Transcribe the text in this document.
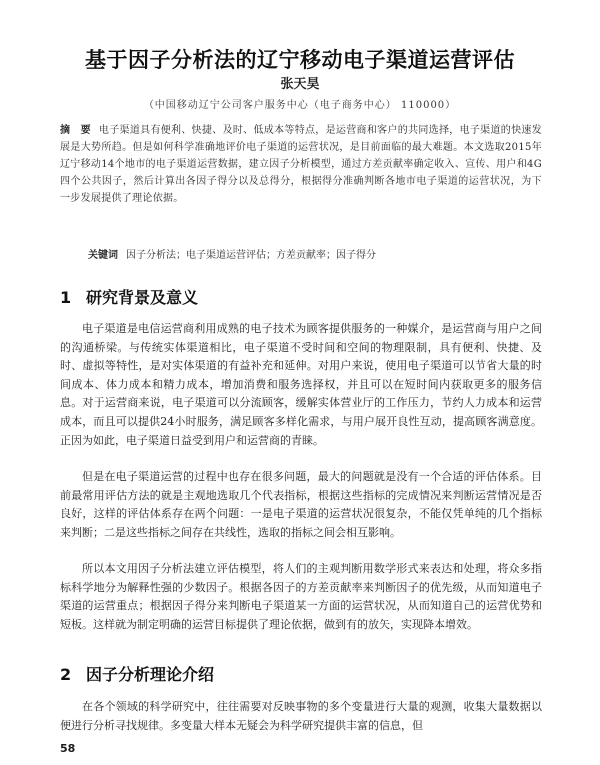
基于因子分析法的辽宁移动电子渠道运营评估
张天昊
（中国移动辽宁公司客户服务中心（电子商务中心） 110000）
摘　要 电子渠道具有便利、快捷、及时、低成本等特点，是运营商和客户的共同选择，电子渠道的快速发展是大势所趋。但是如何科学准确地评价电子渠道的运营状况，是目前面临的最大难题。本文选取2015年辽宁移动14个地市的电子渠道运营数据，建立因子分析模型，通过方差贡献率确定收入、宣传、用户和4G四个公共因子，然后计算出各因子得分以及总得分，根据得分准确判断各地市电子渠道的运营状况，为下一步发展提供了理论依据。
关键词 因子分析法；电子渠道运营评估；方差贡献率；因子得分
1 研究背景及意义

电子渠道是电信运营商利用成熟的电子技术为顾客提供服务的一种媒介，是运营商与用户之间的沟通桥梁。与传统实体渠道相比，电子渠道不受时间和空间的物理限制，具有便利、快捷、及时、虚拟等特性，是对实体渠道的有益补充和延伸。对用户来说，使用电子渠道可以节省大量的时间成本、体力成本和精力成本，增加消费和服务选择权，并且可以在短时间内获取更多的服务信息。对于运营商来说，电子渠道可以分流顾客，缓解实体营业厅的工作压力，节约人力成本和运营成本，而且可以提供24小时服务，满足顾客多样化需求，与用户展开良性互动，提高顾客满意度。正因为如此，电子渠道日益受到用户和运营商的青睐。

但是在电子渠道运营的过程中也存在很多问题，最大的问题就是没有一个合适的评估体系。目前最常用评估方法的就是主观地选取几个代表指标，根据这些指标的完成情况来判断运营情况是否良好，这样的评估体系存在两个问题：一是电子渠道的运营状况很复杂，不能仅凭单纯的几个指标来判断；二是这些指标之间存在共线性，选取的指标之间会相互影响。

所以本文用因子分析法建立评估模型，将人们的主观判断用数学形式来表达和处理，将众多指标科学地分为解释性强的少数因子。根据各因子的方差贡献率来判断因子的优先级，从而知道电子渠道的运营重点；根据因子得分来判断电子渠道某一方面的运营状况，从而知道自己的运营优势和短板。这样就为制定明确的运营目标提供了理论依据，做到有的放矢，实现降本增效。

2 因子分析理论介绍

在各个领域的科学研究中，往往需要对反映事物的多个变量进行大量的观测，收集大量数据以便进行分析寻找规律。多变量大样本无疑会为科学研究提供丰富的信息，但

58
